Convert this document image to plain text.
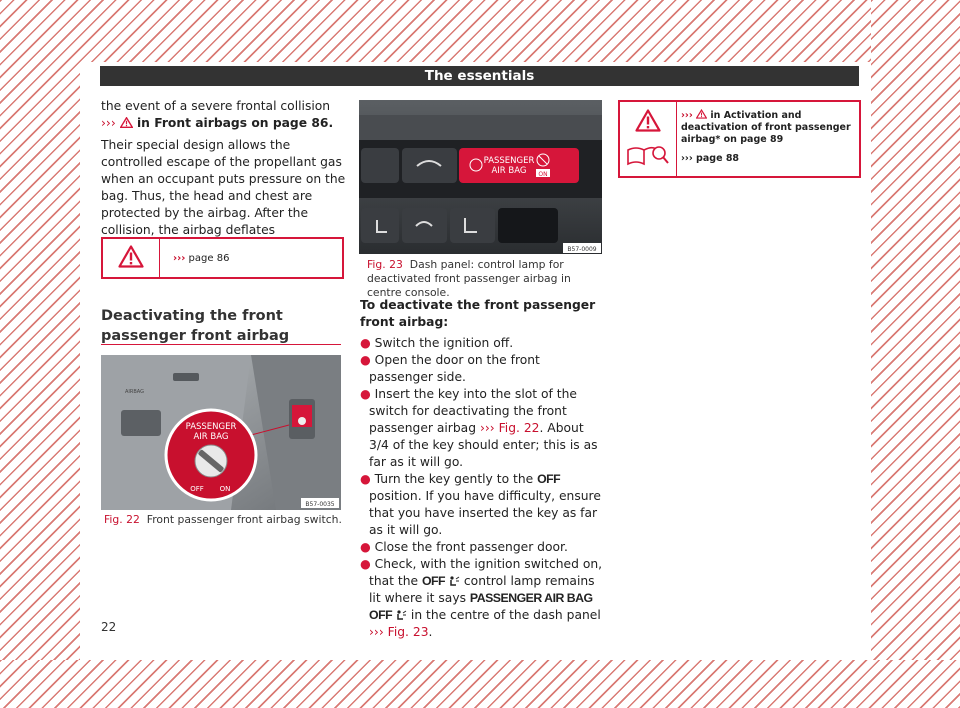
The essentials

the event of a severe frontal collision ›››  in Front airbags on page 86.

Their special design allows the controlled escape of the propellant gas when an occupant puts pressure on the bag. Thus, the head and chest are protected by the airbag. After the collision, the airbag deflates

››› page 86
Deactivating the front passenger front airbag
AIRBAG
PASSENGER
AIR BAG
OFF ON
B57-0035
Fig. 22 Front passenger front airbag switch.
PASSENGER
AIR BAG ON
B57-0009
Fig. 23 Dash panel: control lamp for deactivated front passenger airbag in centre console.

To deactivate the front passenger front airbag:

● Switch the ignition off.

● Open the door on the front passenger side.

● Insert the key into the slot of the switch for deactivating the front passenger airbag ››› Fig. 22. About 3/4 of the key should enter; this is as far as it will go.

● Turn the key gently to the OFF position. If you have difficulty, ensure that you have inserted the key as far as it will go.

● Close the front passenger door.

● Check, with the ignition switched on, that the OFF  control lamp remains lit where it says PASSENGER AIR BAG OFF  in the centre of the dash panel ››› Fig. 23.

›››  in Activation and deactivation of front passenger airbag* on page 89
››› page 88
22
